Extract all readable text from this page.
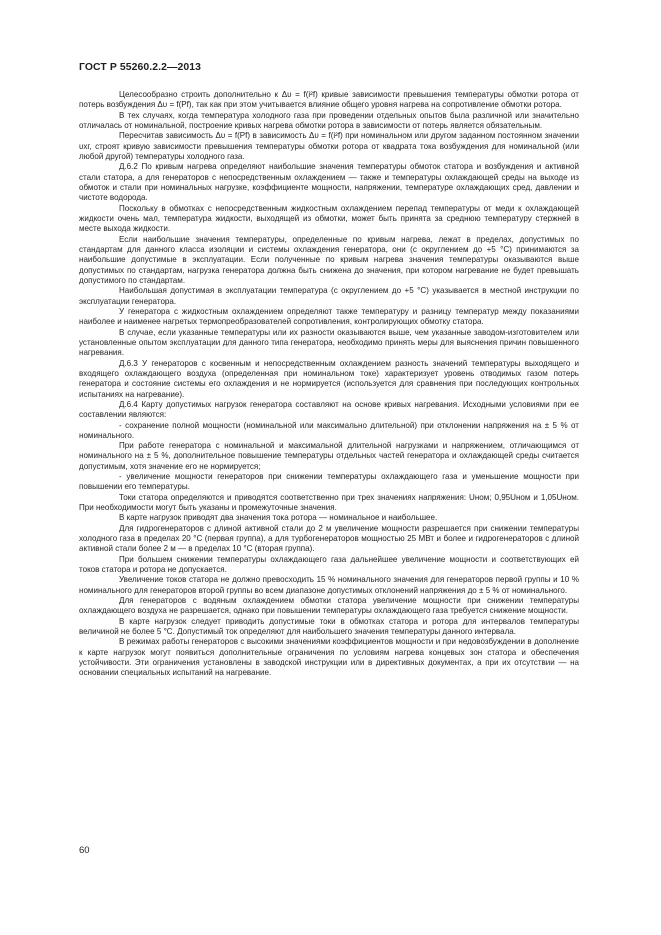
ГОСТ Р 55260.2.2—2013

Целесообразно строить дополнительно к Δυ = f(i²f) кривые зависимости превышения температуры обмотки ротора от потерь возбуждения Δυ = f(Pf), так как при этом учитывается влияние общего уровня нагрева на сопротивление обмотки ротора.

В тех случаях, когда температура холодного газа при проведении отдельных опытов была различной или значительно отличалась от номинальной, построение кривых нагрева обмотки ротора в зависимости от потерь является обязательным.

Пересчитав зависимость Δυ = f(Pf) в зависимость Δυ = f(i²f) при номинальном или другом заданном постоянном значении υхг, строят кривую зависимости превышения температуры обмотки ротора от квадрата тока возбуждения для номинальной (или любой другой) температуры холодного газа.

Д.6.2 По кривым нагрева определяют наибольшие значения температуры обмоток статора и возбуждения и активной стали статора, а для генераторов с непосредственным охлаждением — также и температуры охлаждающей среды на выходе из обмоток и стали при номинальных нагрузке, коэффициенте мощности, напряжении, температуре охлаждающих сред, давлении и чистоте водорода.

Поскольку в обмотках с непосредственным жидкостным охлаждением перепад температуры от меди к охлаждающей жидкости очень мал, температура жидкости, выходящей из обмотки, может быть принята за среднюю температуру стержней в месте выхода жидкости.

Если наибольшие значения температуры, определенные по кривым нагрева, лежат в пределах, допустимых по стандартам для данного класса изоляции и системы охлаждения генератора, они (с округлением до +5 °С) принимаются за наибольшие допустимые в эксплуатации. Если полученные по кривым нагрева значения температуры оказываются выше допустимых по стандартам, нагрузка генератора должна быть снижена до значения, при котором нагревание не будет превышать допустимого по стандартам.

Наибольшая допустимая в эксплуатации температура (с округлением до +5 °С) указывается в местной инструкции по эксплуатации генератора.

У генератора с жидкостным охлаждением определяют также температуру и разницу температур между показаниями наиболее и наименее нагретых термопреобразователей сопротивления, контролирующих обмотку статора.

В случае, если указанные температуры или их разности оказываются выше, чем указанные заводом-изготовителем или установленные опытом эксплуатации для данного типа генератора, необходимо принять меры для выяснения причин повышенного нагревания.

Д.6.3 У генераторов с косвенным и непосредственным охлаждением разность значений температуры выходящего и входящего охлаждающего воздуха (определенная при номинальном токе) характеризует уровень отводимых газом потерь генератора и состояние системы его охлаждения и не нормируется (используется для сравнения при последующих контрольных испытаниях на нагревание).

Д.6.4 Карту допустимых нагрузок генератора составляют на основе кривых нагревания. Исходными условиями при ее составлении являются:

- сохранение полной мощности (номинальной или максимально длительной) при отклонении напряжения на ± 5 % от номинального.

При работе генератора с номинальной и максимальной длительной нагрузками и напряжением, отличающимся от номинального на ± 5 %, дополнительное повышение температуры отдельных частей генератора и охлаждающей среды считается допустимым, хотя значение его не нормируется;

- увеличение мощности генераторов при снижении температуры охлаждающего газа и уменьшение мощности при повышении его температуры.

Токи статора определяются и приводятся соответственно при трех значениях напряжения: Uном; 0,95Uном и 1,05Uном. При необходимости могут быть указаны и промежуточные значения.

В карте нагрузок приводят два значения тока ротора — номинальное и наибольшее.

Для гидрогенераторов с длиной активной стали до 2 м увеличение мощности разрешается при снижении температуры холодного газа в пределах 20 °С (первая группа), а для турбогенераторов мощностью 25 МВт и более и гидрогенераторов с длиной активной стали более 2 м — в пределах 10 °С (вторая группа).

При большем снижении температуры охлаждающего газа дальнейшее увеличение мощности и соответствующих ей токов статора и ротора не допускается.

Увеличение токов статора не должно превосходить 15 % номинального значения для генераторов первой группы и 10 % номинального для генераторов второй группы во всем диапазоне допустимых отклонений напряжения до ± 5 % от номинального.

Для генераторов с водяным охлаждением обмотки статора увеличение мощности при снижении температуры охлаждающего воздуха не разрешается, однако при повышении температуры охлаждающего газа требуется снижение мощности.

В карте нагрузок следует приводить допустимые токи в обмотках статора и ротора для интервалов температуры величиной не более 5 °С. Допустимый ток определяют для наибольшего значения температуры данного интервала.

В режимах работы генераторов с высокими значениями коэффициентов мощности и при недовозбуждении в дополнение к карте нагрузок могут появиться дополнительные ограничения по условиям нагрева концевых зон статора и обеспечения устойчивости. Эти ограничения установлены в заводской инструкции или в директивных документах, а при их отсутствии — на основании специальных испытаний на нагревание.

60
